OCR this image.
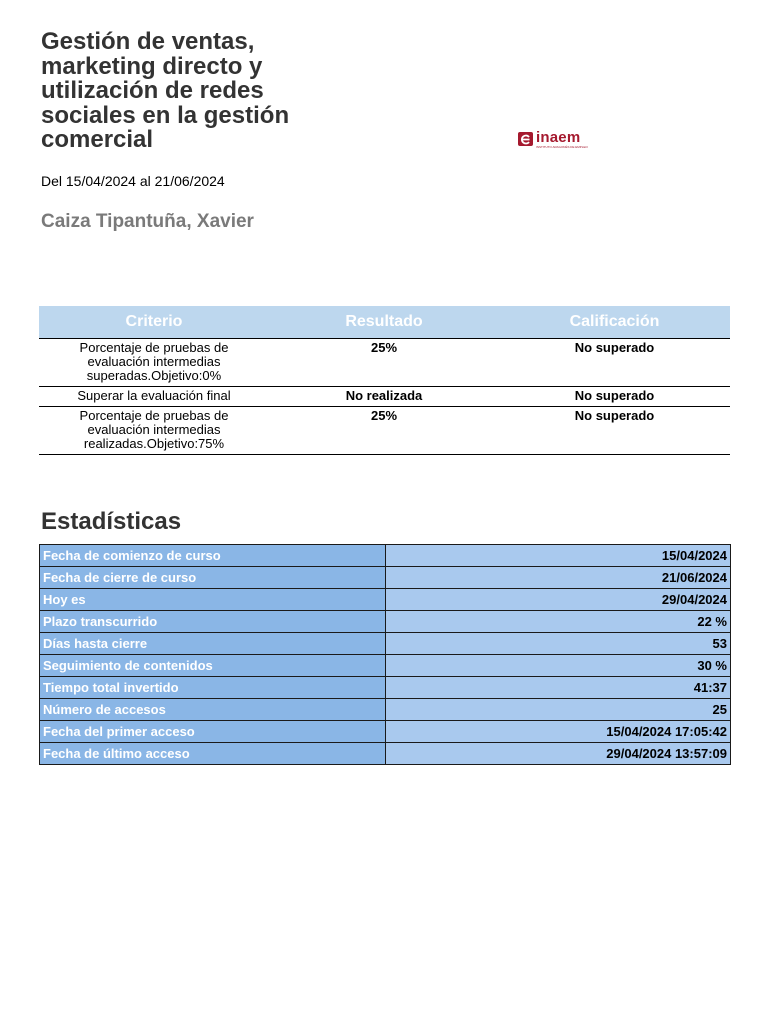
Gestión de ventas, marketing directo y utilización de redes sociales en la gestión comercial	inaem
INSTITUTO ARAGONÉS DE EMPLEO
Del 15/04/2024 al 21/06/2024
Caiza Tipantuña, Xavier
Criterio	Resultado	Calificación
Porcentaje de pruebas de evaluación intermedias superadas.Objetivo:0%	25%	No superado
Superar la evaluación final	No realizada	No superado
Porcentaje de pruebas de evaluación intermedias realizadas.Objetivo:75%	25%	No superado
Estadísticas
Fecha de comienzo de curso	15/04/2024
Fecha de cierre de curso	21/06/2024
Hoy es	29/04/2024
Plazo transcurrido	22 %
Días hasta cierre	53
Seguimiento de contenidos	30 %
Tiempo total invertido	41:37
Número de accesos	25
Fecha del primer acceso	15/04/2024 17:05:42
Fecha de último acceso	29/04/2024 13:57:09
